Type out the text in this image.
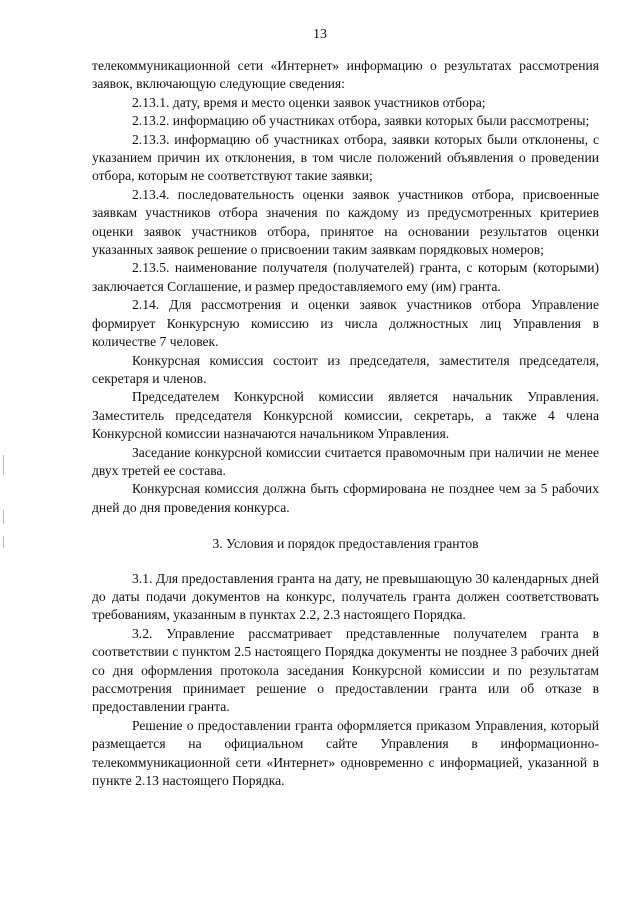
13

телекоммуникационной сети «Интернет» информацию о результатах рассмотрения заявок, включающую следующие сведения:

2.13.1. дату, время и место оценки заявок участников отбора;

2.13.2. информацию об участниках отбора, заявки которых были рассмотрены;

2.13.3. информацию об участниках отбора, заявки которых были отклонены, с указанием причин их отклонения, в том числе положений объявления о проведении отбора, которым не соответствуют такие заявки;

2.13.4. последовательность оценки заявок участников отбора, присвоенные заявкам участников отбора значения по каждому из предусмотренных критериев оценки заявок участников отбора, принятое на основании результатов оценки указанных заявок решение о присвоении таким заявкам порядковых номеров;

2.13.5. наименование получателя (получателей) гранта, с которым (которыми) заключается Соглашение, и размер предоставляемого ему (им) гранта.

2.14. Для рассмотрения и оценки заявок участников отбора Управление формирует Конкурсную комиссию из числа должностных лиц Управления в количестве 7 человек.

Конкурсная комиссия состоит из председателя, заместителя председателя, секретаря и членов.

Председателем Конкурсной комиссии является начальник Управления. Заместитель председателя Конкурсной комиссии, секретарь, а также 4 члена Конкурсной комиссии назначаются начальником Управления.

Заседание конкурсной комиссии считается правомочным при наличии не менее двух третей ее состава.

Конкурсная комиссия должна быть сформирована не позднее чем за 5 рабочих дней до дня проведения конкурса.

3. Условия и порядок предоставления грантов

3.1. Для предоставления гранта на дату, не превышающую 30 календарных дней до даты подачи документов на конкурс, получатель гранта должен соответствовать требованиям, указанным в пунктах 2.2, 2.3 настоящего Порядка.

3.2. Управление рассматривает представленные получателем гранта в соответствии с пунктом 2.5 настоящего Порядка документы не позднее 3 рабочих дней со дня оформления протокола заседания Конкурсной комиссии и по результатам рассмотрения принимает решение о предоставлении гранта или об отказе в предоставлении гранта.

Решение о предоставлении гранта оформляется приказом Управления, который размещается на официальном сайте Управления в информационно-телекоммуникационной сети «Интернет» одновременно с информацией, указанной в пункте 2.13 настоящего Порядка.
